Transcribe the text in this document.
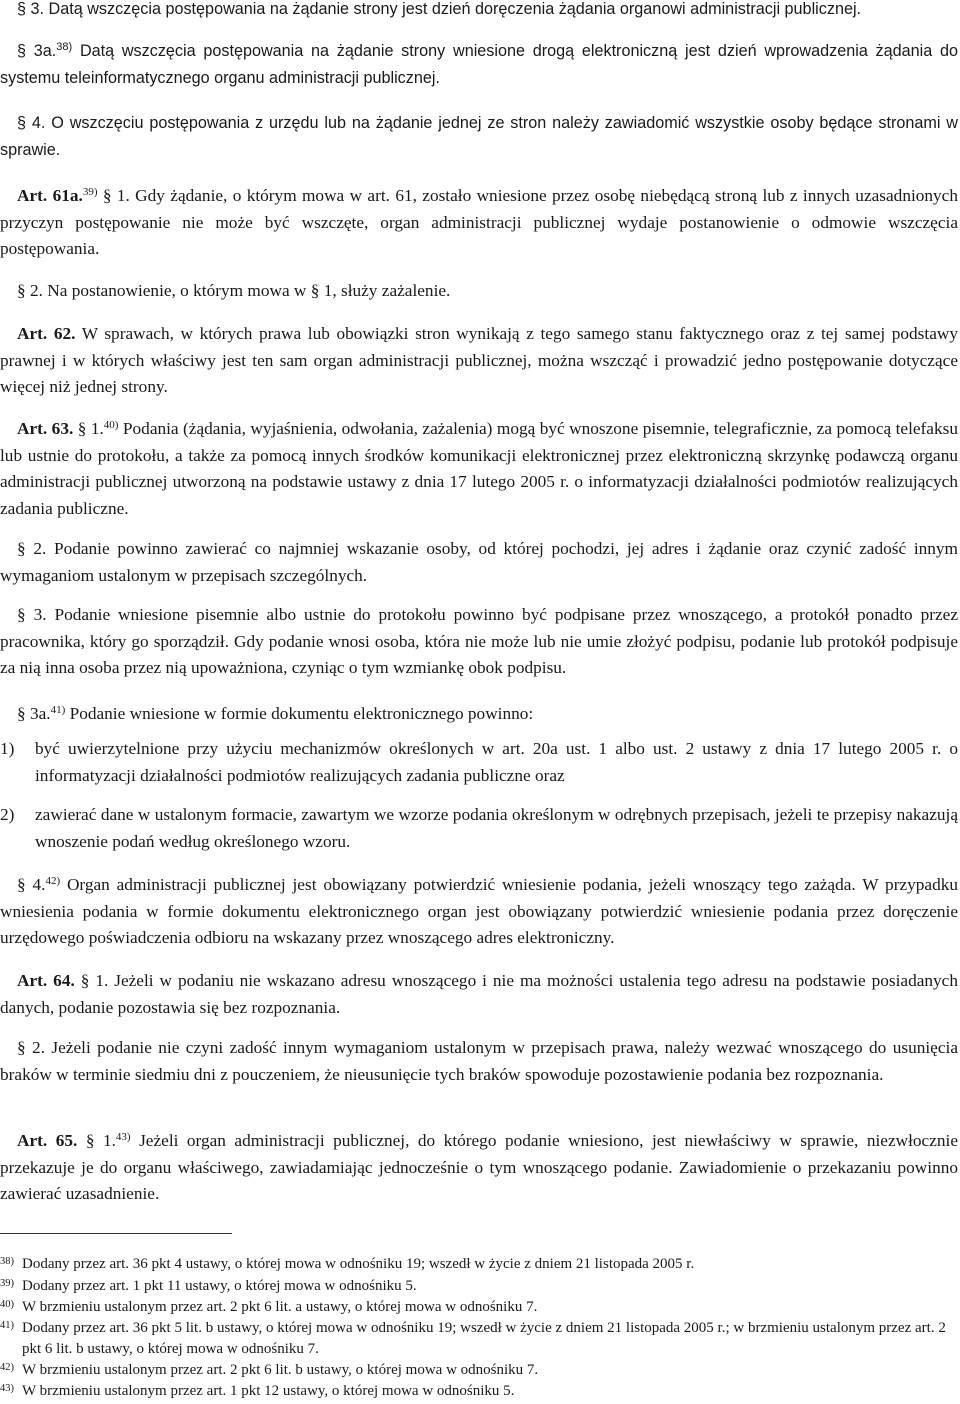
§ 3. Datą wszczęcia postępowania na żądanie strony jest dzień doręczenia żądania organowi administracji publicznej.

§ 3a.$^{38)}$ Datą wszczęcia postępowania na żądanie strony wniesione drogą elektroniczną jest dzień wprowadzenia żądania do systemu teleinformatycznego organu administracji publicznej.

§ 4. O wszczęciu postępowania z urzędu lub na żądanie jednej ze stron należy zawiadomić wszystkie osoby będące stronami w sprawie.

Art. 61a.$^{39)}$ § 1. Gdy żądanie, o którym mowa w art. 61, zostało wniesione przez osobę niebędącą stroną lub z innych uzasadnionych przyczyn postępowanie nie może być wszczęte, organ administracji publicznej wydaje postanowienie o odmowie wszczęcia postępowania.

§ 2. Na postanowienie, o którym mowa w § 1, służy zażalenie.

Art. 62. W sprawach, w których prawa lub obowiązki stron wynikają z tego samego stanu faktycznego oraz z tej samej podstawy prawnej i w których właściwy jest ten sam organ administracji publicznej, można wszcząć i prowadzić jedno postępowanie dotyczące więcej niż jednej strony.

Art. 63. § 1.$^{40)}$ Podania (żądania, wyjaśnienia, odwołania, zażalenia) mogą być wnoszone pisemnie, telegraficznie, za pomocą telefaksu lub ustnie do protokołu, a także za pomocą innych środków komunikacji elektronicznej przez elektroniczną skrzynkę podawczą organu administracji publicznej utworzoną na podstawie ustawy z dnia 17 lutego 2005 r. o informatyzacji działalności podmiotów realizujących zadania publiczne.

§ 2. Podanie powinno zawierać co najmniej wskazanie osoby, od której pochodzi, jej adres i żądanie oraz czynić zadość innym wymaganiom ustalonym w przepisach szczególnych.

§ 3. Podanie wniesione pisemnie albo ustnie do protokołu powinno być podpisane przez wnoszącego, a protokół ponadto przez pracownika, który go sporządził. Gdy podanie wnosi osoba, która nie może lub nie umie złożyć podpisu, podanie lub protokół podpisuje za nią inna osoba przez nią upoważniona, czyniąc o tym wzmiankę obok podpisu.

§ 3a.$^{41)}$ Podanie wniesione w formie dokumentu elektronicznego powinno:

1)	być uwierzytelnione przy użyciu mechanizmów określonych w art. 20a ust. 1 albo ust. 2 ustawy z dnia 17 lutego 2005 r. o informatyzacji działalności podmiotów realizujących zadania publiczne oraz
2)	zawierać dane w ustalonym formacie, zawartym we wzorze podania określonym w odrębnych przepisach, jeżeli te przepisy nakazują wnoszenie podań według określonego wzoru.

§ 4.$^{42)}$ Organ administracji publicznej jest obowiązany potwierdzić wniesienie podania, jeżeli wnoszący tego zażąda. W przypadku wniesienia podania w formie dokumentu elektronicznego organ jest obowiązany potwierdzić wniesienie podania przez doręczenie urzędowego poświadczenia odbioru na wskazany przez wnoszącego adres elektroniczny.

Art. 64. § 1. Jeżeli w podaniu nie wskazano adresu wnoszącego i nie ma możności ustalenia tego adresu na podstawie posiadanych danych, podanie pozostawia się bez rozpoznania.

§ 2. Jeżeli podanie nie czyni zadość innym wymaganiom ustalonym w przepisach prawa, należy wezwać wnoszącego do usunięcia braków w terminie siedmiu dni z pouczeniem, że nieusunięcie tych braków spowoduje pozostawienie podania bez rozpoznania.

Art. 65. § 1.$^{43)}$ Jeżeli organ administracji publicznej, do którego podanie wniesiono, jest niewłaściwy w sprawie, niezwłocznie przekazuje je do organu właściwego, zawiadamiając jednocześnie o tym wnoszącego podanie. Zawiadomienie o przekazaniu powinno zawierać uzasadnienie.

38) Dodany przez art. 36 pkt 4 ustawy, o której mowa w odnośniku 19; wszedł w życie z dniem 21 listopada 2005 r.
39) Dodany przez art. 1 pkt 11 ustawy, o której mowa w odnośniku 5.
40) W brzmieniu ustalonym przez art. 2 pkt 6 lit. a ustawy, o której mowa w odnośniku 7.
41) Dodany przez art. 36 pkt 5 lit. b ustawy, o której mowa w odnośniku 19; wszedł w życie z dniem 21 listopada 2005 r.; w brzmieniu ustalonym przez art. 2 pkt 6 lit. b ustawy, o której mowa w odnośniku 7.
42) W brzmieniu ustalonym przez art. 2 pkt 6 lit. b ustawy, o której mowa w odnośniku 7.
43) W brzmieniu ustalonym przez art. 1 pkt 12 ustawy, o której mowa w odnośniku 5.
